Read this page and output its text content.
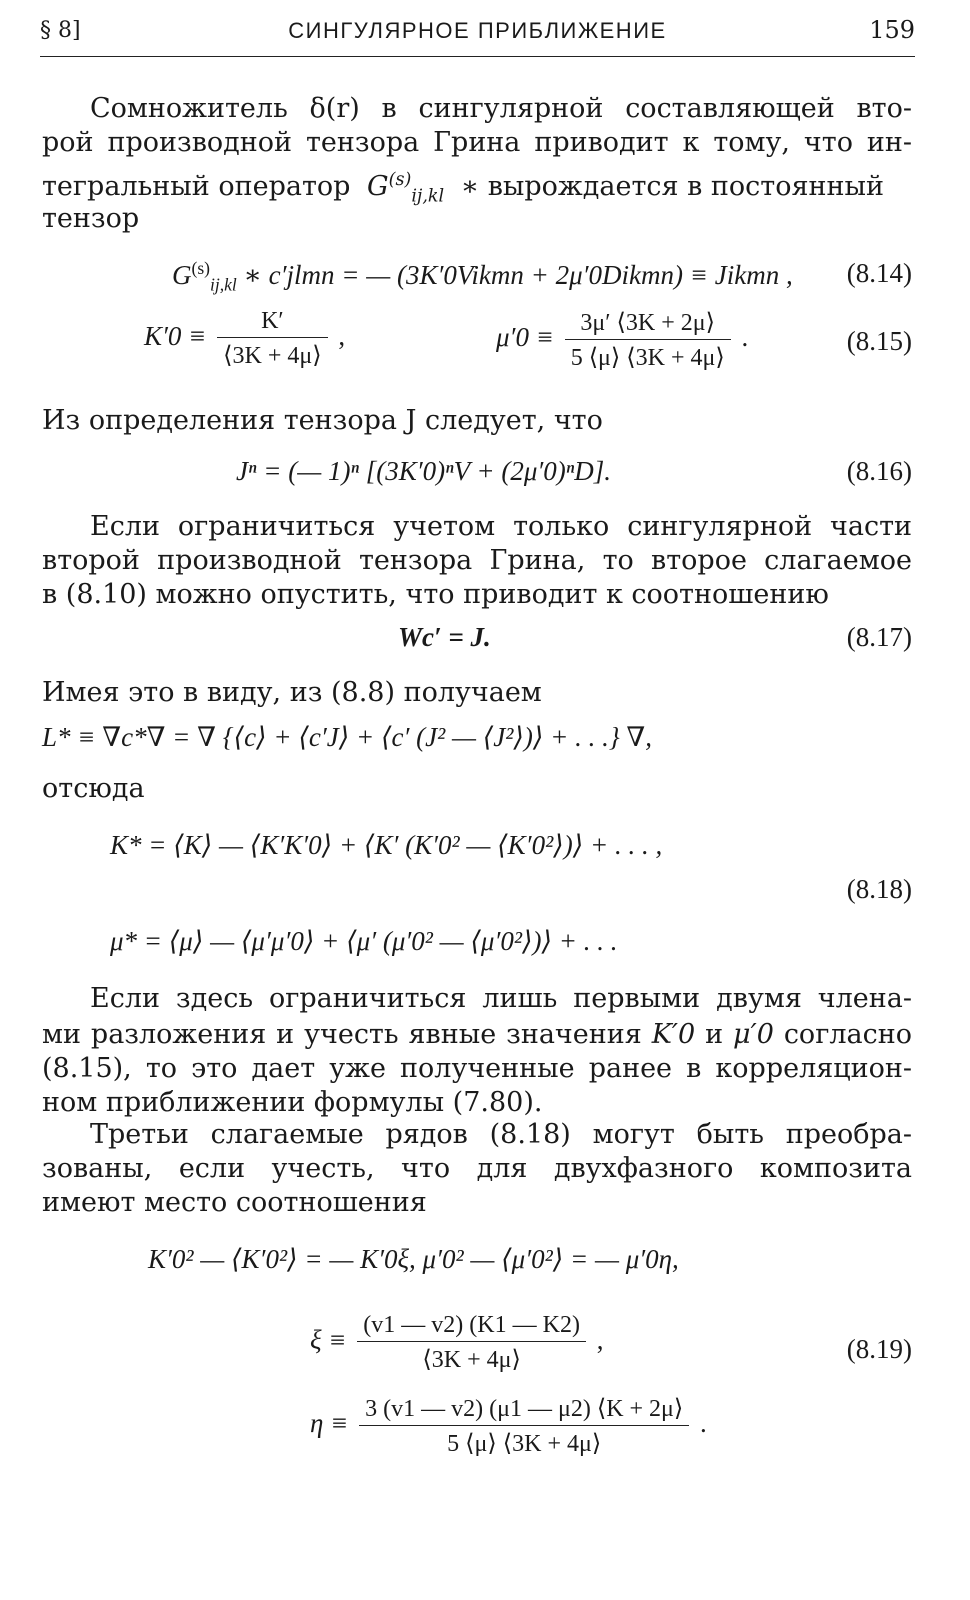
§ 8]	СИНГУЛЯРНОЕ ПРИБЛИЖЕНИЕ	159

Сомножитель δ(r) в сингулярной составляющей вто-

рой производной тензора Грина приводит к тому, что ин-

тегральный оператор $G^{(s)}_{ij,kl}$ ∗ вырождается в постоянный

тензор

$G^{(s)}_{ij,kl}$ ∗ c′jlmn = — (3K′0Vikmn + 2μ′0Dikmn) ≡ Jikmn , (8.14)
$K'0 \equiv \frac{K'}{⟨3K + 4\mu⟩}$ ,	$\mu'0 \equiv \frac{3\mu' ⟨3K + 2\mu⟩}{5 ⟨\mu⟩ ⟨3K + 4\mu⟩}$ .	(8.15)

Из определения тензора J следует, что

Jⁿ = (— 1)ⁿ [(3K′0)ⁿV + (2μ′0)ⁿD].	(8.16)

Если ограничиться учетом только сингулярной части

второй производной тензора Грина, то второе слагаемое

в (8.10) можно опустить, что приводит к соотношению

Wc′ = J.	(8.17)

Имея это в виду, из (8.8) получаем

L* ≡ ∇c*∇ = ∇ {⟨c⟩ + ⟨c′J⟩ + ⟨c′ (J² — ⟨J²⟩)⟩ + . . .} ∇,

отсюда

K* = ⟨K⟩ — ⟨K′K′0⟩ + ⟨K′ (K′0² — ⟨K′0²⟩)⟩ + . . . ,
(8.18)
μ* = ⟨μ⟩ — ⟨μ′μ′0⟩ + ⟨μ′ (μ′0² — ⟨μ′0²⟩)⟩ + . . .

Если здесь ограничиться лишь первыми двумя члена-

ми разложения и учесть явные значения K′0 и μ′0 согласно

(8.15), то это дает уже полученные ранее в корреляцион-

ном приближении формулы (7.80).

Третьи слагаемые рядов (8.18) могут быть преобра-

зованы, если учесть, что для двухфазного композита

имеют место соотношения

K′0² — ⟨K′0²⟩ = — K′0ξ, μ′0² — ⟨μ′0²⟩ = — μ′0η,
$\xi \equiv \frac{(v1 — v2) (K1 — K2)}{⟨3K + 4\mu⟩}$ ,	(8.19)
$\eta \equiv \frac{3 (v1 — v2) (\mu 1 — \mu 2) ⟨K + 2\mu⟩}{5 ⟨\mu⟩ ⟨3K + 4\mu⟩}$ .
